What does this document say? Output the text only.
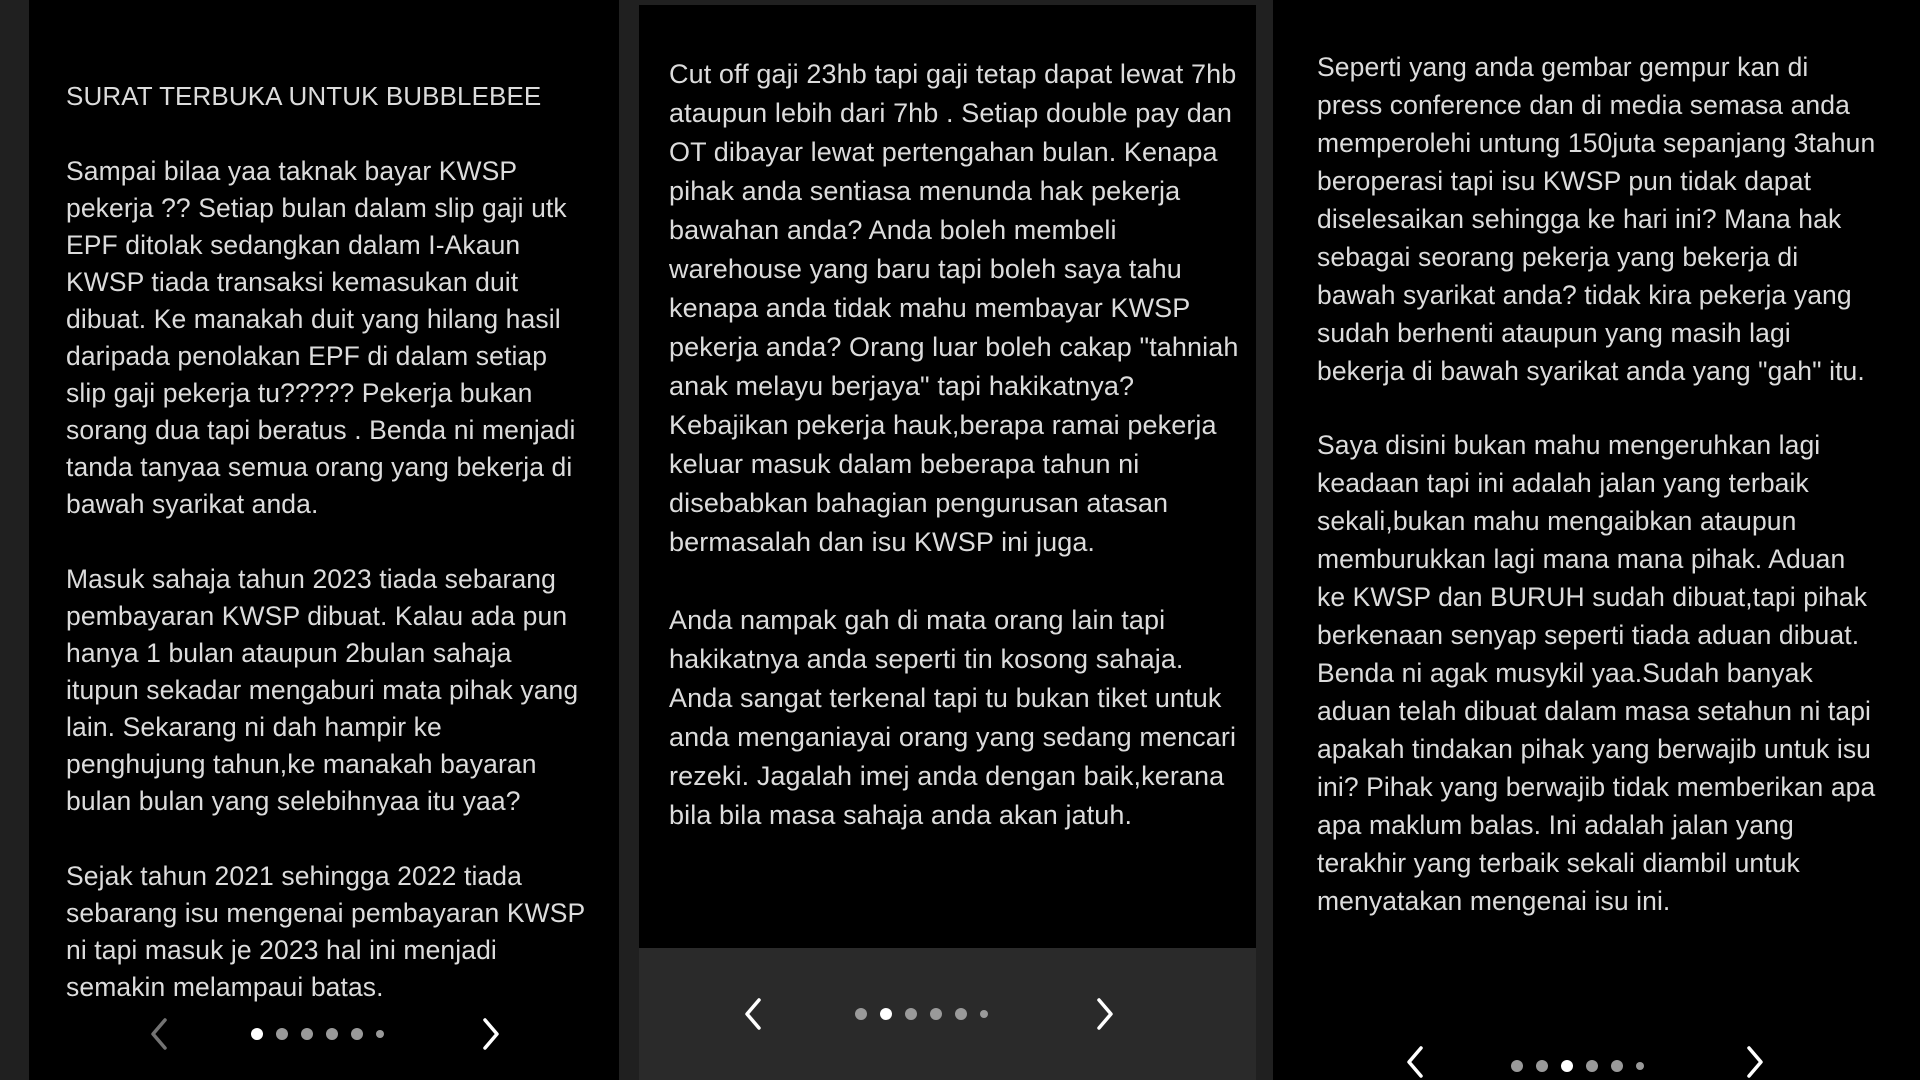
SURAT TERBUKA UNTUK BUBBLEBEE

Sampai bilaa yaa taknak bayar KWSP pekerja ?? Setiap bulan dalam slip gaji utk EPF ditolak sedangkan dalam I-Akaun KWSP tiada transaksi kemasukan duit dibuat. Ke manakah duit yang hilang hasil daripada penolakan EPF di dalam setiap slip gaji pekerja tu????? Pekerja bukan sorang dua tapi beratus . Benda ni menjadi tanda tanyaa semua orang yang bekerja di bawah syarikat anda.

Masuk sahaja tahun 2023 tiada sebarang pembayaran KWSP dibuat. Kalau ada pun hanya 1 bulan ataupun 2bulan sahaja itupun sekadar mengaburi mata pihak yang lain. Sekarang ni dah hampir ke penghujung tahun,ke manakah bayaran bulan bulan yang selebihnyaa itu yaa?

Sejak tahun 2021 sehingga 2022 tiada sebarang isu mengenai pembayaran KWSP ni tapi masuk je 2023 hal ini menjadi semakin melampaui batas.

Cut off gaji 23hb tapi gaji tetap dapat lewat 7hb ataupun lebih dari 7hb . Setiap double pay dan OT dibayar lewat pertengahan bulan. Kenapa pihak anda sentiasa menunda hak pekerja bawahan anda? Anda boleh membeli warehouse yang baru tapi boleh saya tahu kenapa anda tidak mahu membayar KWSP pekerja anda? Orang luar boleh cakap "tahniah anak melayu berjaya" tapi hakikatnya? Kebajikan pekerja hauk,berapa ramai pekerja keluar masuk dalam beberapa tahun ni disebabkan bahagian pengurusan atasan bermasalah dan isu KWSP ini juga.

Anda nampak gah di mata orang lain tapi hakikatnya anda seperti tin kosong sahaja. Anda sangat terkenal tapi tu bukan tiket untuk anda menganiayai orang yang sedang mencari rezeki. Jagalah imej anda dengan baik,kerana bila bila masa sahaja anda akan jatuh.

Seperti yang anda gembar gempur kan di press conference dan di media semasa anda memperolehi untung 150juta sepanjang 3tahun beroperasi tapi isu KWSP pun tidak dapat diselesaikan sehingga ke hari ini? Mana hak sebagai seorang pekerja yang bekerja di bawah syarikat anda? tidak kira pekerja yang sudah berhenti ataupun yang masih lagi bekerja di bawah syarikat anda yang "gah" itu.

Saya disini bukan mahu mengeruhkan lagi keadaan tapi ini adalah jalan yang terbaik sekali,bukan mahu mengaibkan ataupun memburukkan lagi mana mana pihak. Aduan ke KWSP dan BURUH sudah dibuat,tapi pihak berkenaan senyap seperti tiada aduan dibuat. Benda ni agak musykil yaa.Sudah banyak aduan telah dibuat dalam masa setahun ni tapi apakah tindakan pihak yang berwajib untuk isu ini? Pihak yang berwajib tidak memberikan apa apa maklum balas. Ini adalah jalan yang terakhir yang terbaik sekali diambil untuk menyatakan mengenai isu ini.
